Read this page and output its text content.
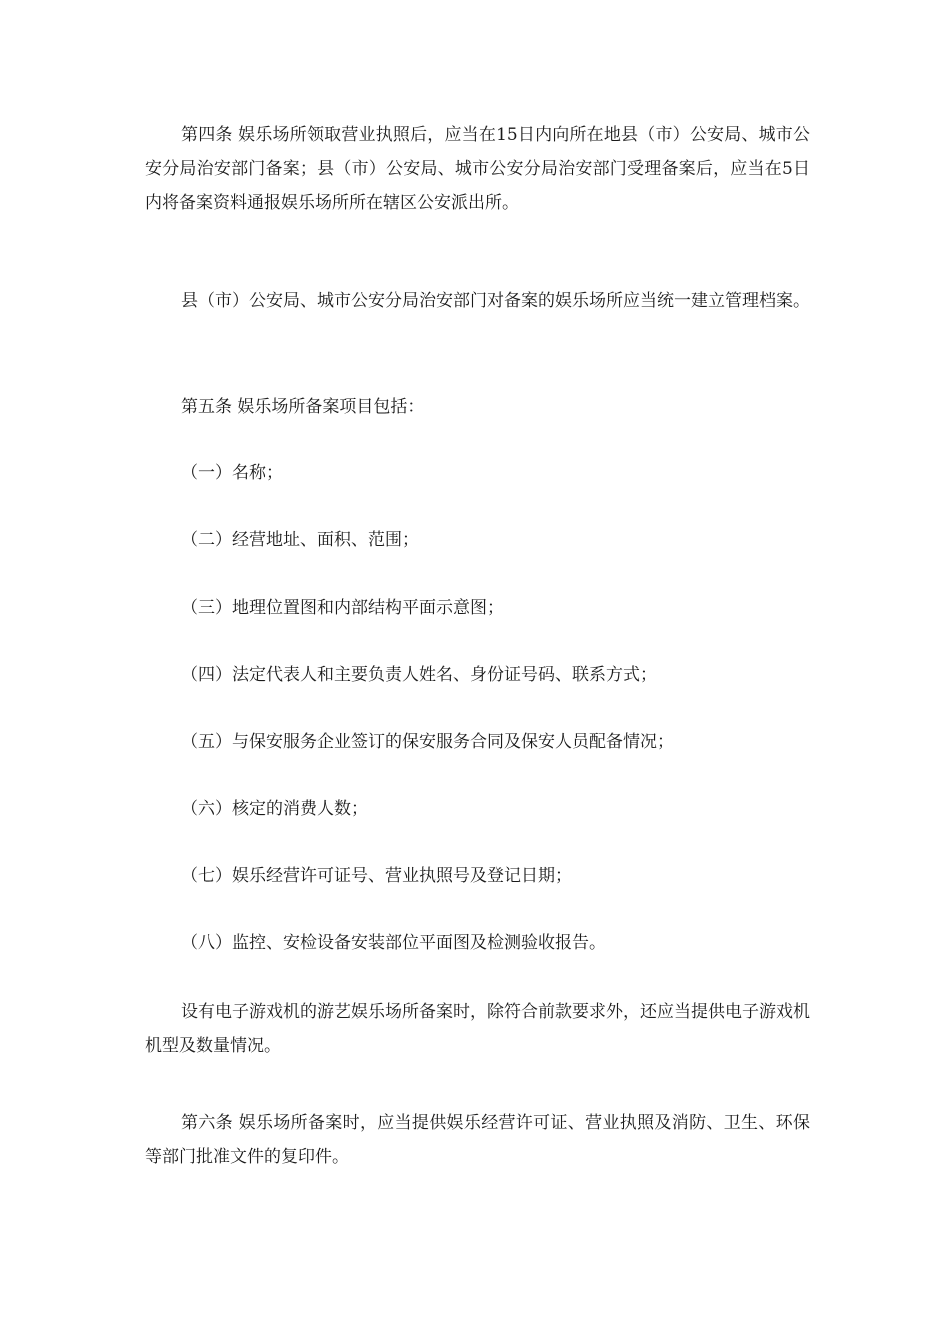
第四条 娱乐场所领取营业执照后，应当在15日内向所在地县（市）公安局、城市公安分局治安部门备案；县（市）公安局、城市公安分局治安部门受理备案后，应当在5日内将备案资料通报娱乐场所所在辖区公安派出所。

县（市）公安局、城市公安分局治安部门对备案的娱乐场所应当统一建立管理档案。

第五条 娱乐场所备案项目包括：

（一）名称；

（二）经营地址、面积、范围；

（三）地理位置图和内部结构平面示意图；

（四）法定代表人和主要负责人姓名、身份证号码、联系方式；

（五）与保安服务企业签订的保安服务合同及保安人员配备情况；

（六）核定的消费人数；

（七）娱乐经营许可证号、营业执照号及登记日期；

（八）监控、安检设备安装部位平面图及检测验收报告。

设有电子游戏机的游艺娱乐场所备案时，除符合前款要求外，还应当提供电子游戏机机型及数量情况。

第六条 娱乐场所备案时，应当提供娱乐经营许可证、营业执照及消防、卫生、环保等部门批准文件的复印件。
